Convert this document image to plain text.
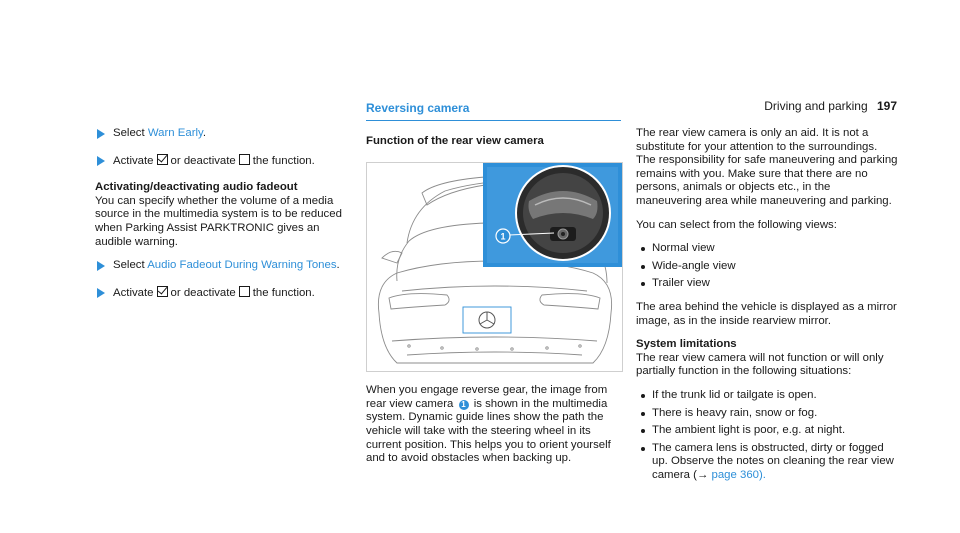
Driving and parking 197
Select Warn Early.
Activate or deactivate the function.
Activating/deactivating audio fadeout

You can specify whether the volume of a media source in the multimedia system is to be reduced when Parking Assist PARKTRONIC gives an audible warning.

Select Audio Fadeout During Warning Tones.
Activate or deactivate the function.
Reversing camera
Function of the rear view camera
1

When you engage reverse gear, the image from rear view camera 1 is shown in the multimedia system. Dynamic guide lines show the path the vehicle will take with the steering wheel in its current position. This helps you to orient yourself and to avoid obstacles when backing up.

The rear view camera is only an aid. It is not a substitute for your attention to the surroundings. The responsibility for safe maneuvering and parking remains with you. Make sure that there are no persons, animals or objects etc., in the maneuvering area while maneuvering and parking.

You can select from the following views:

Normal view
Wide-angle view
Trailer view

The area behind the vehicle is displayed as a mirror image, as in the inside rearview mirror.

System limitations

The rear view camera will not function or will only partially function in the following situations:

If the trunk lid or tailgate is open.
There is heavy rain, snow or fog.
The ambient light is poor, e.g. at night.
The camera lens is obstructed, dirty or fogged up. Observe the notes on cleaning the rear view camera (→ page 360).
